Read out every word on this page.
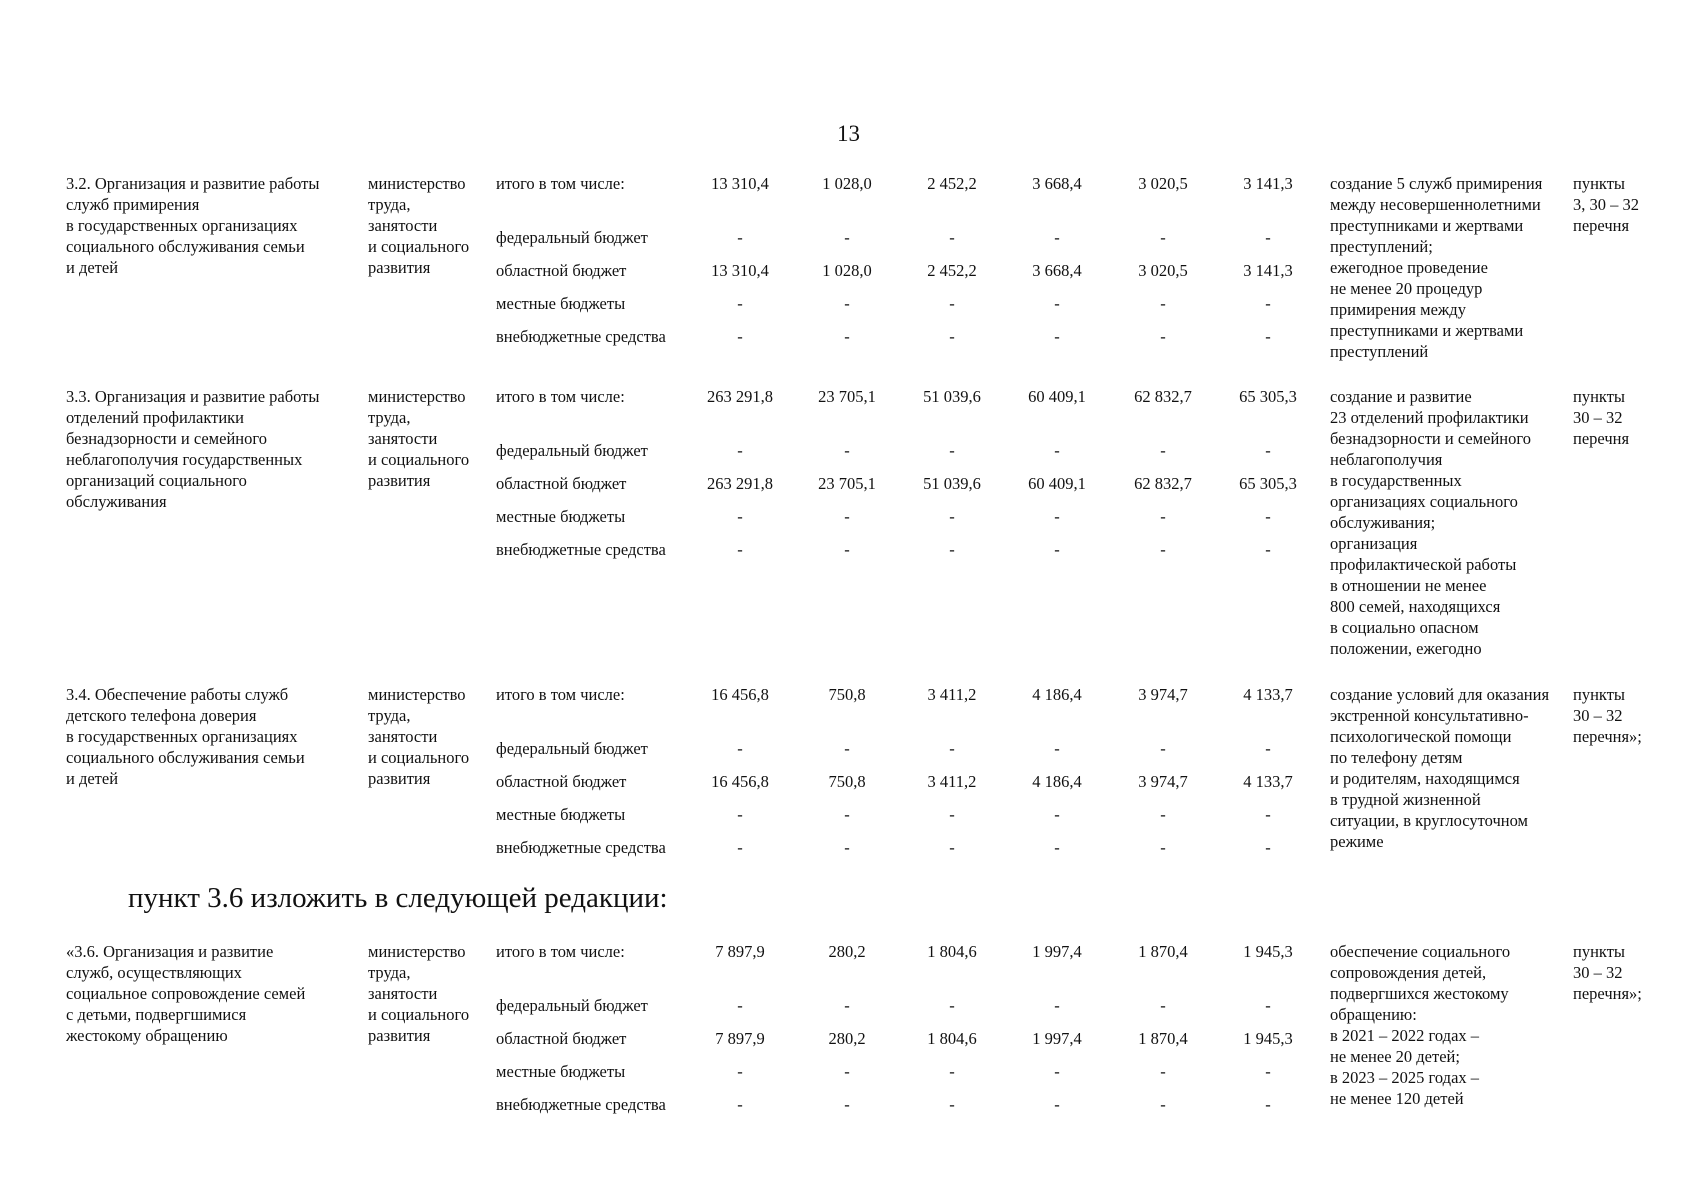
13
3.2. Организация и развитие работы
служб примирения
в государственных организациях
социального обслуживания семьи
и детей
министерство
труда,
занятости
и социального
развития
итого в том числе:
федеральный бюджет
областной бюджет
местные бюджеты
внебюджетные средства
13 310,4
-
13 310,4
-
-
1 028,0
-
1 028,0
-
-
2 452,2
-
2 452,2
-
-
3 668,4
-
3 668,4
-
-
3 020,5
-
3 020,5
-
-
3 141,3
-
3 141,3
-
-
создание 5 служб примирения
между несовершеннолетними
преступниками и жертвами
преступлений;
ежегодное проведение
не менее 20 процедур
примирения между
преступниками и жертвами
преступлений
пункты
3, 30 – 32
перечня
3.3. Организация и развитие работы
отделений профилактики
безнадзорности и семейного
неблагополучия государственных
организаций социального
обслуживания
министерство
труда,
занятости
и социального
развития
итого в том числе:
федеральный бюджет
областной бюджет
местные бюджеты
внебюджетные средства
263 291,8
-
263 291,8
-
-
23 705,1
-
23 705,1
-
-
51 039,6
-
51 039,6
-
-
60 409,1
-
60 409,1
-
-
62 832,7
-
62 832,7
-
-
65 305,3
-
65 305,3
-
-
создание и развитие
23 отделений профилактики
безнадзорности и семейного
неблагополучия
в государственных
организациях социального
обслуживания;
организация
профилактической работы
в отношении не менее
800 семей, находящихся
в социально опасном
положении, ежегодно
пункты
30 – 32
перечня
3.4. Обеспечение работы служб
детского телефона доверия
в государственных организациях
социального обслуживания семьи
и детей
министерство
труда,
занятости
и социального
развития
итого в том числе:
федеральный бюджет
областной бюджет
местные бюджеты
внебюджетные средства
16 456,8
-
16 456,8
-
-
750,8
-
750,8
-
-
3 411,2
-
3 411,2
-
-
4 186,4
-
4 186,4
-
-
3 974,7
-
3 974,7
-
-
4 133,7
-
4 133,7
-
-
создание условий для оказания
экстренной консультативно-
психологической помощи
по телефону детям
и родителям, находящимся
в трудной жизненной
ситуации, в круглосуточном
режиме
пункты
30 – 32
перечня»;
пункт 3.6 изложить в следующей редакции:
«3.6. Организация и развитие
служб, осуществляющих
социальное сопровождение семей
с детьми, подвергшимися
жестокому обращению
министерство
труда,
занятости
и социального
развития
итого в том числе:
федеральный бюджет
областной бюджет
местные бюджеты
внебюджетные средства
7 897,9
-
7 897,9
-
-
280,2
-
280,2
-
-
1 804,6
-
1 804,6
-
-
1 997,4
-
1 997,4
-
-
1 870,4
-
1 870,4
-
-
1 945,3
-
1 945,3
-
-
обеспечение социального
сопровождения детей,
подвергшихся жестокому
обращению:
в 2021 – 2022 годах –
не менее 20 детей;
в 2023 – 2025 годах –
не менее 120 детей
пункты
30 – 32
перечня»;
